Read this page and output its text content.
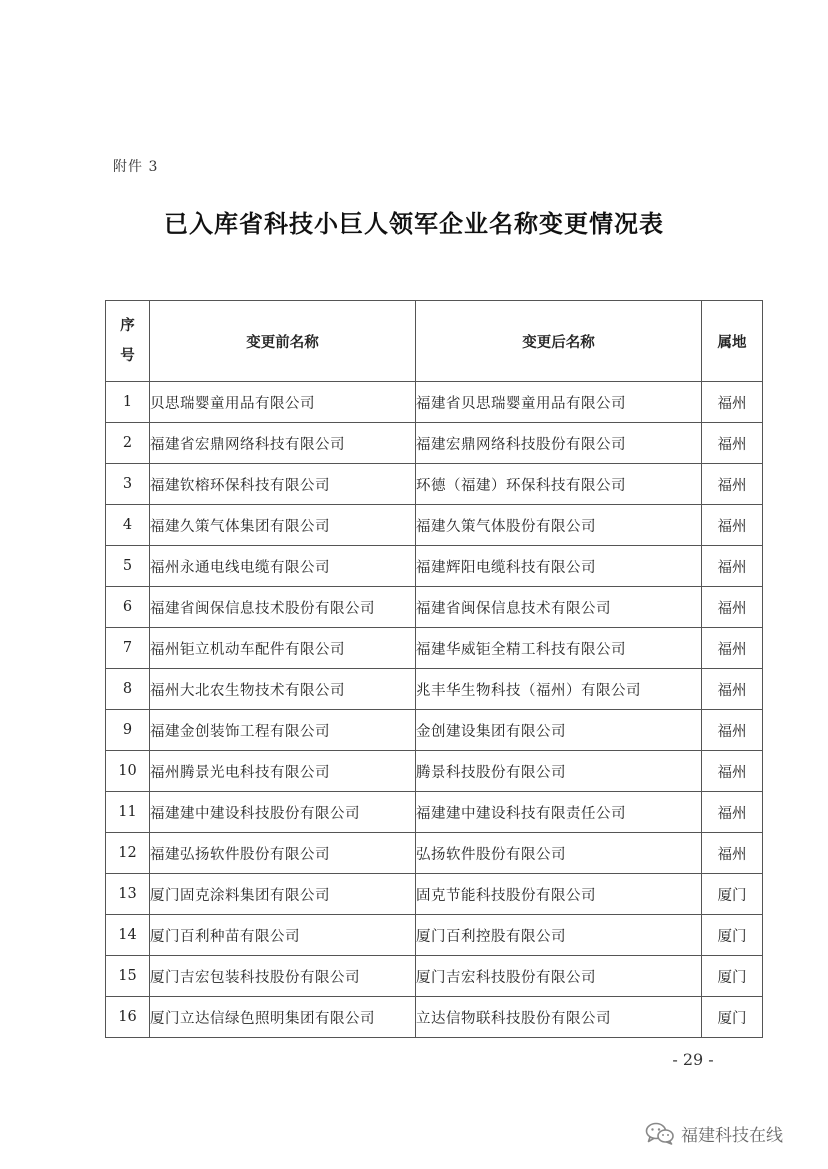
附件 3
已入库省科技小巨人领军企业名称变更情况表
序
号	变更前名称	变更后名称	属地
1	贝思瑞婴童用品有限公司	福建省贝思瑞婴童用品有限公司	福州
2	福建省宏鼎网络科技有限公司	福建宏鼎网络科技股份有限公司	福州
3	福建钦榕环保科技有限公司	环德（福建）环保科技有限公司	福州
4	福建久策气体集团有限公司	福建久策气体股份有限公司	福州
5	福州永通电线电缆有限公司	福建辉阳电缆科技有限公司	福州
6	福建省闽保信息技术股份有限公司	福建省闽保信息技术有限公司	福州
7	福州钜立机动车配件有限公司	福建华威钜全精工科技有限公司	福州
8	福州大北农生物技术有限公司	兆丰华生物科技（福州）有限公司	福州
9	福建金创装饰工程有限公司	金创建设集团有限公司	福州
10	福州腾景光电科技有限公司	腾景科技股份有限公司	福州
11	福建建中建设科技股份有限公司	福建建中建设科技有限责任公司	福州
12	福建弘扬软件股份有限公司	弘扬软件股份有限公司	福州
13	厦门固克涂料集团有限公司	固克节能科技股份有限公司	厦门
14	厦门百利种苗有限公司	厦门百利控股有限公司	厦门
15	厦门吉宏包装科技股份有限公司	厦门吉宏科技股份有限公司	厦门
16	厦门立达信绿色照明集团有限公司	立达信物联科技股份有限公司	厦门
- 29 -
福建科技在线
